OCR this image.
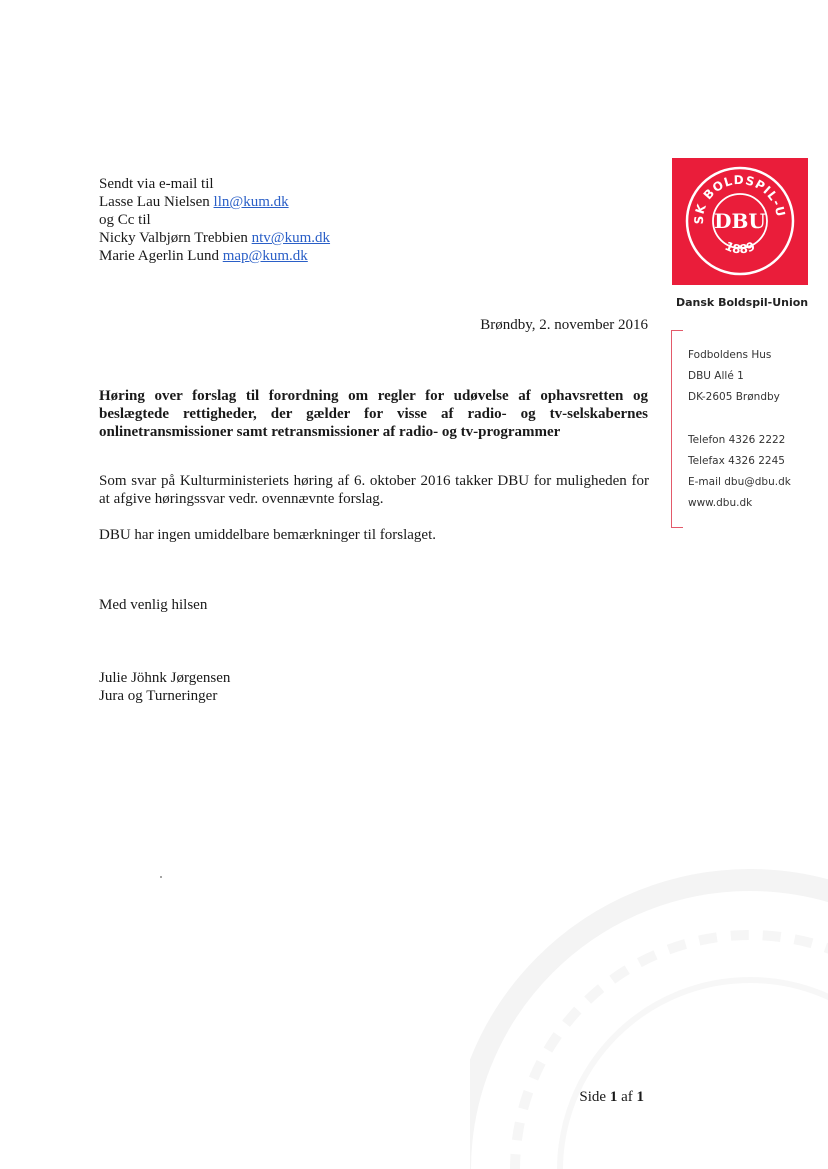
Sendt via e-mail til
Lasse Lau Nielsen lln@kum.dk
og Cc til
Nicky Valbjørn Trebbien ntv@kum.dk
Marie Agerlin Lund map@kum.dk
SK BOLDSPIL-U
DBU
1889
Dansk Boldspil-Union
Brøndby, 2. november 2016
Fodboldens Hus
DBU Allé 1
DK-2605 Brøndby
Telefon 4326 2222
Telefax 4326 2245
E-mail dbu@dbu.dk
www.dbu.dk
Høring over forslag til forordning om regler for udøvelse af ophavsretten og beslægtede rettigheder, der gælder for visse af radio- og tv-selskabernes onlinetransmissioner samt retransmissioner af radio- og tv-programmer
Som svar på Kulturministeriets høring af 6. oktober 2016 takker DBU for muligheden for at afgive høringssvar vedr. ovennævnte forslag.
DBU har ingen umiddelbare bemærkninger til forslaget.
Med venlig hilsen
Julie Jöhnk Jørgensen
Jura og Turneringer
Side 1 af 1
